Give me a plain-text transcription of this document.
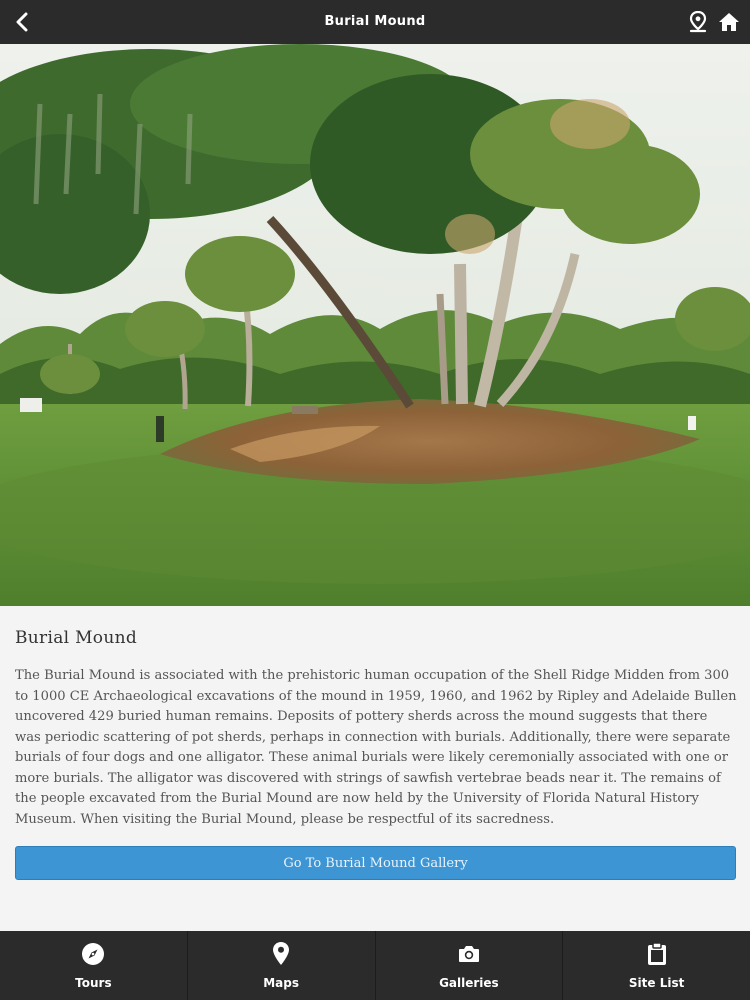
Burial Mound
Burial Mound
The Burial Mound is associated with the prehistoric human occupation of the Shell Ridge Midden from 300 to 1000 CE Archaeological excavations of the mound in 1959, 1960, and 1962 by Ripley and Adelaide Bullen uncovered 429 buried human remains. Deposits of pottery sherds across the mound suggests that there was periodic scattering of pot sherds, perhaps in connection with burials. Additionally, there were separate burials of four dogs and one alligator. These animal burials were likely ceremonially associated with one or more burials. The alligator was discovered with strings of sawfish vertebrae beads near it. The remains of the people excavated from the Burial Mound are now held by the University of Florida Natural History Museum. When visiting the Burial Mound, please be respectful of its sacredness.
Go To Burial Mound Gallery
Tours	Maps	Galleries	Site List
